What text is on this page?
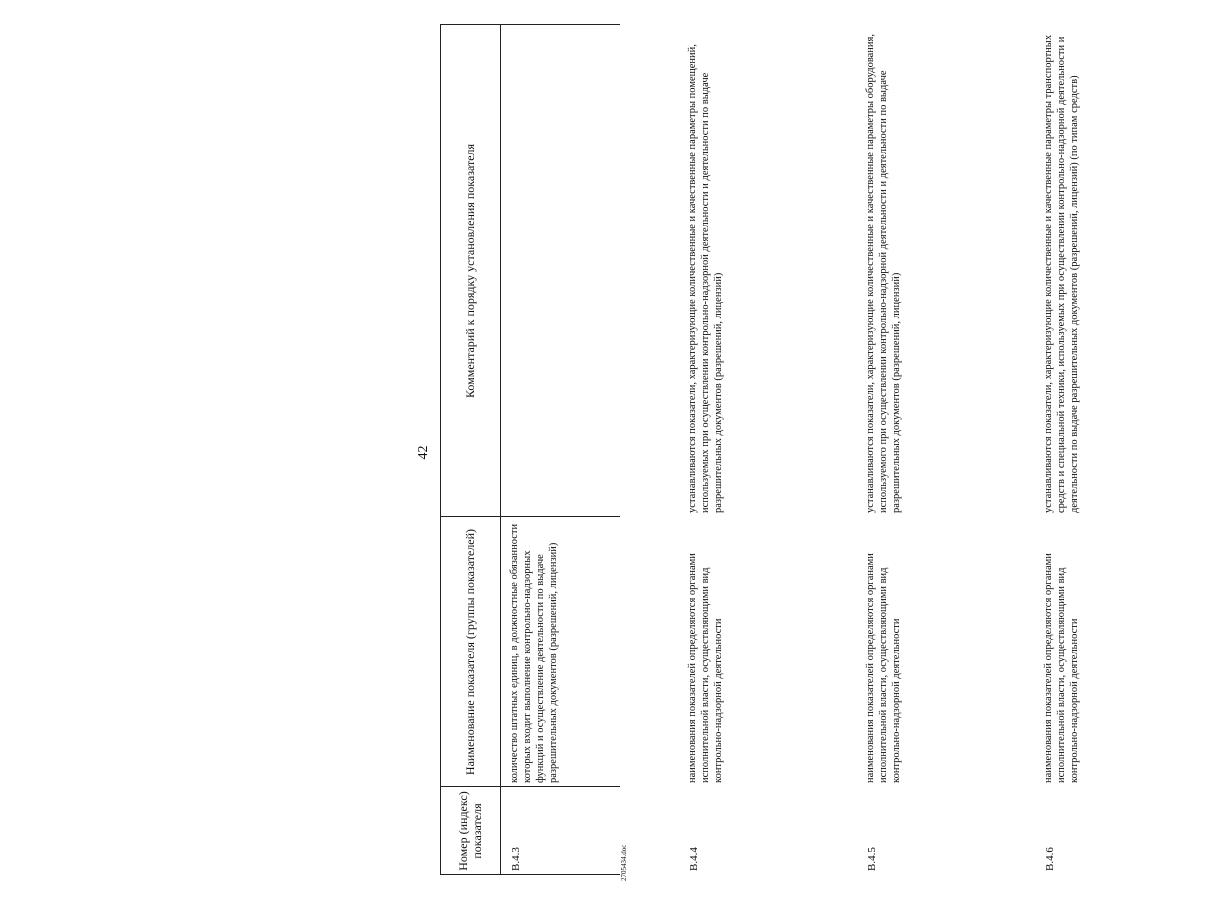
42
Номер (индекс) показателя
Наименование показателя (группы показателей)
Комментарий к порядку установления показателя
В.4.3
количество штатных единиц, в должностные обязанности которых входит выполнение контрольно-надзорных функций и осуществление деятельности по выдаче разрешительных документов (разрешений, лицензий)
В.4.4
наименования показателей определяются органами исполнительной власти, осуществляющими вид контрольно-надзорной деятельности
устанавливаются показатели, характеризующие количественные и качественные параметры помещений, используемых при осуществлении контрольно-надзорной деятельности и деятельности по выдаче разрешительных документов (разрешений, лицензий)
В.4.5
наименования показателей определяются органами исполнительной власти, осуществляющими вид контрольно-надзорной деятельности
устанавливаются показатели, характеризующие количественные и качественные параметры оборудования, используемого при осуществлении контрольно-надзорной деятельности и деятельности по выдаче разрешительных документов (разрешений, лицензий)
В.4.6
наименования показателей определяются органами исполнительной власти, осуществляющими вид контрольно-надзорной деятельности
устанавливаются показатели, характеризующие количественные и качественные параметры транспортных средств и специальной техники, используемых при осуществлении контрольно-надзорной деятельности и деятельности по выдаче разрешительных документов (разрешений, лицензий) (по типам средств)
2705434.doc
